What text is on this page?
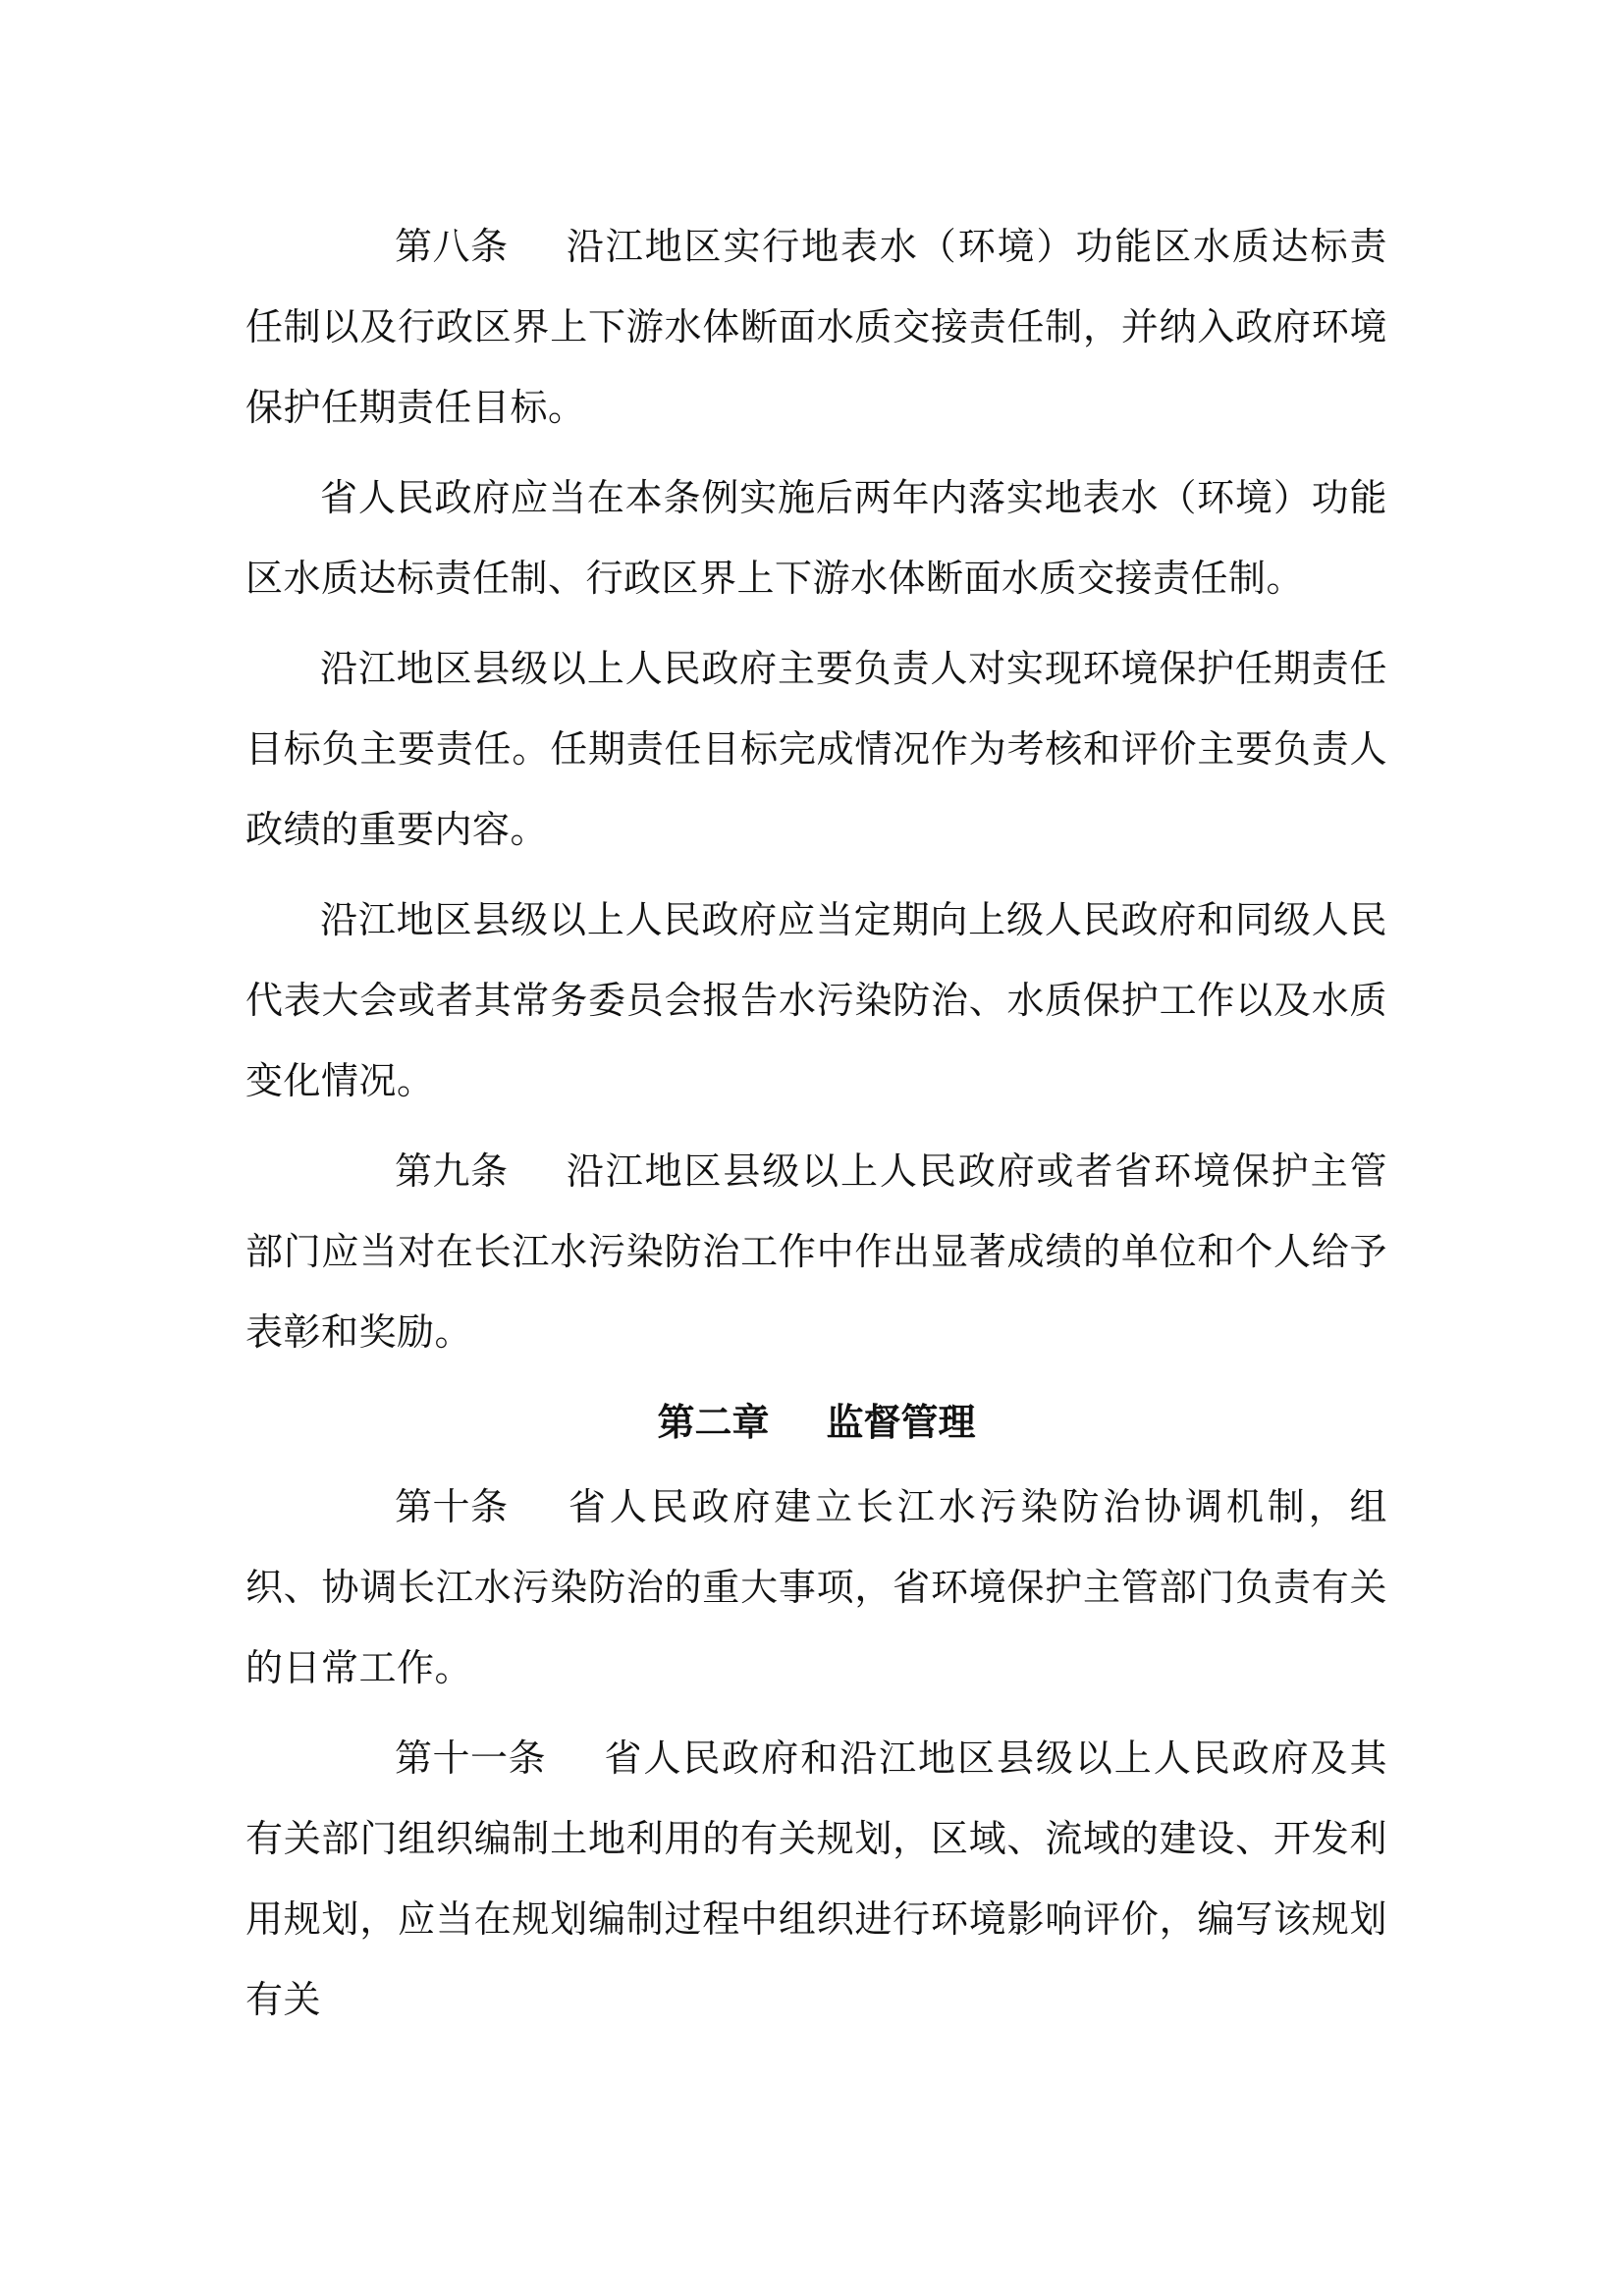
第八条 沿江地区实行地表水（环境）功能区水质达标责任制以及行政区界上下游水体断面水质交接责任制，并纳入政府环境保护任期责任目标。

省人民政府应当在本条例实施后两年内落实地表水（环境）功能区水质达标责任制、行政区界上下游水体断面水质交接责任制。

沿江地区县级以上人民政府主要负责人对实现环境保护任期责任目标负主要责任。任期责任目标完成情况作为考核和评价主要负责人政绩的重要内容。

沿江地区县级以上人民政府应当定期向上级人民政府和同级人民代表大会或者其常务委员会报告水污染防治、水质保护工作以及水质变化情况。

第九条 沿江地区县级以上人民政府或者省环境保护主管部门应当对在长江水污染防治工作中作出显著成绩的单位和个人给予表彰和奖励。

第二章 监督管理

第十条 省人民政府建立长江水污染防治协调机制，组织、协调长江水污染防治的重大事项，省环境保护主管部门负责有关的日常工作。

第十一条 省人民政府和沿江地区县级以上人民政府及其有关部门组织编制土地利用的有关规划，区域、流域的建设、开发利用规划，应当在规划编制过程中组织进行环境影响评价，编写该规划有关
